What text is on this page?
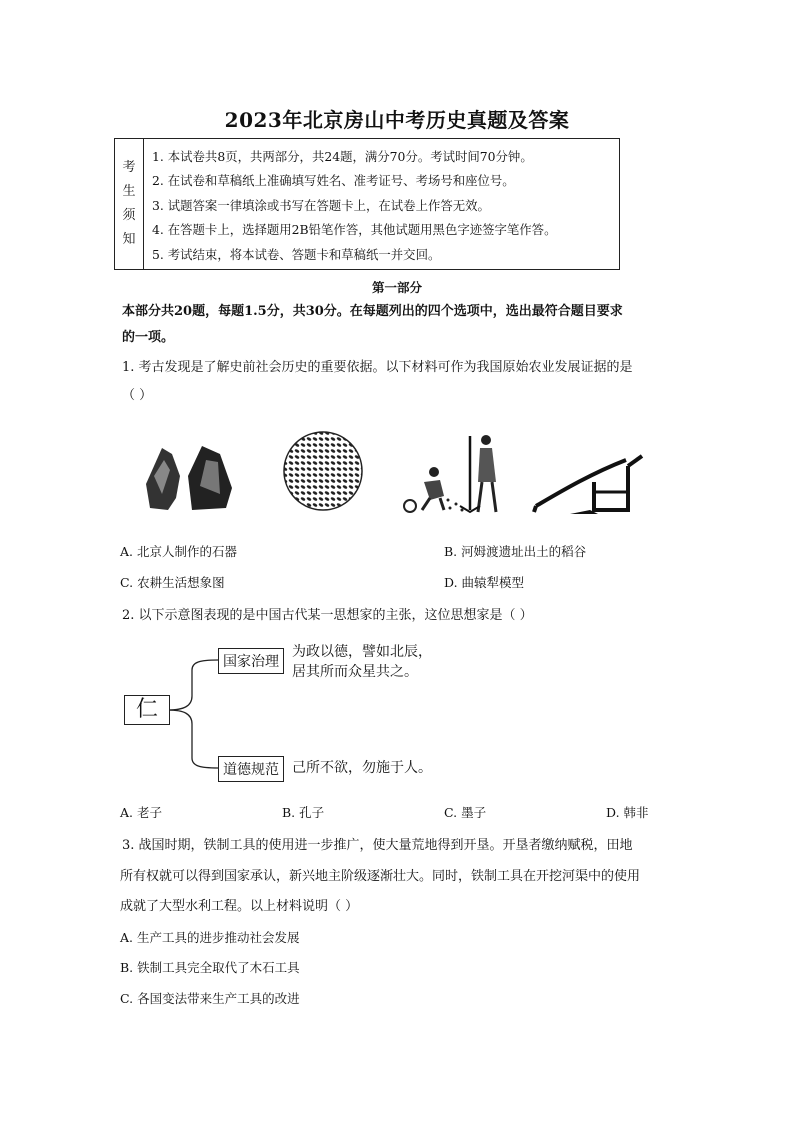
2023年北京房山中考历史真题及答案
考
生
须
知
1. 本试卷共8页，共两部分，共24题，满分70分。考试时间70分钟。
2. 在试卷和草稿纸上准确填写姓名、准考证号、考场号和座位号。
3. 试题答案一律填涂或书写在答题卡上，在试卷上作答无效。
4. 在答题卡上，选择题用2B铅笔作答，其他试题用黑色字迹签字笔作答。
5. 考试结束，将本试卷、答题卡和草稿纸一并交回。
第一部分
本部分共20题，每题1.5分，共30分。在每题列出的四个选项中，选出最符合题目要求
的一项。
1. 考古发现是了解史前社会历史的重要依据。以下材料可作为我国原始农业发展证据的是
（ ）
A. 北京人制作的石器	B. 河姆渡遗址出土的稻谷
C. 农耕生活想象图	D. 曲辕犁模型
2. 以下示意图表现的是中国古代某一思想家的主张，这位思想家是（ ）
仁
国家治理
为政以德，譬如北辰，
居其所而众星共之。
道德规范 己所不欲，勿施于人。
A. 老子	B. 孔子	C. 墨子	D. 韩非
3. 战国时期，铁制工具的使用进一步推广，使大量荒地得到开垦。开垦者缴纳赋税，田地
所有权就可以得到国家承认，新兴地主阶级逐渐壮大。同时，铁制工具在开挖河渠中的使用
成就了大型水利工程。以上材料说明（ ）
A. 生产工具的进步推动社会发展
B. 铁制工具完全取代了木石工具
C. 各国变法带来生产工具的改进
